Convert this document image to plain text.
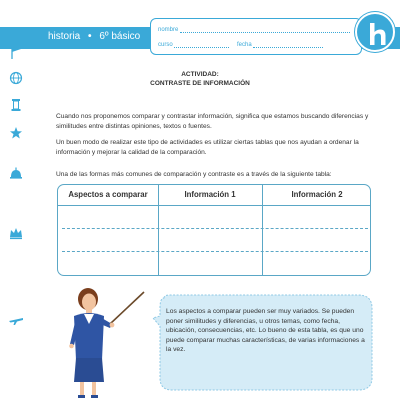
historia • 6º básico
nombre
curso	fecha
ACTIVIDAD:
CONTRASTE DE INFORMACIÓN

Cuando nos proponemos comparar y contrastar información, significa que estamos buscando diferencias y similitudes entre distintas opiniones, textos o fuentes.

Un buen modo de realizar este tipo de actividades es utilizar ciertas tablas que nos ayudan a ordenar la información y mejorar la calidad de la comparación.

Una de las formas más comunes de comparación y contraste es a través de la siguiente tabla:

Aspectos a comparar	Información 1	Información 2

Los aspectos a comparar pueden ser muy variados. Se pueden poner similitudes y diferencias, u otros temas, como fecha, ubicación, consecuencias, etc. Lo bueno de esta tabla, es que uno puede comparar muchas características, de varias informaciones a la vez.
